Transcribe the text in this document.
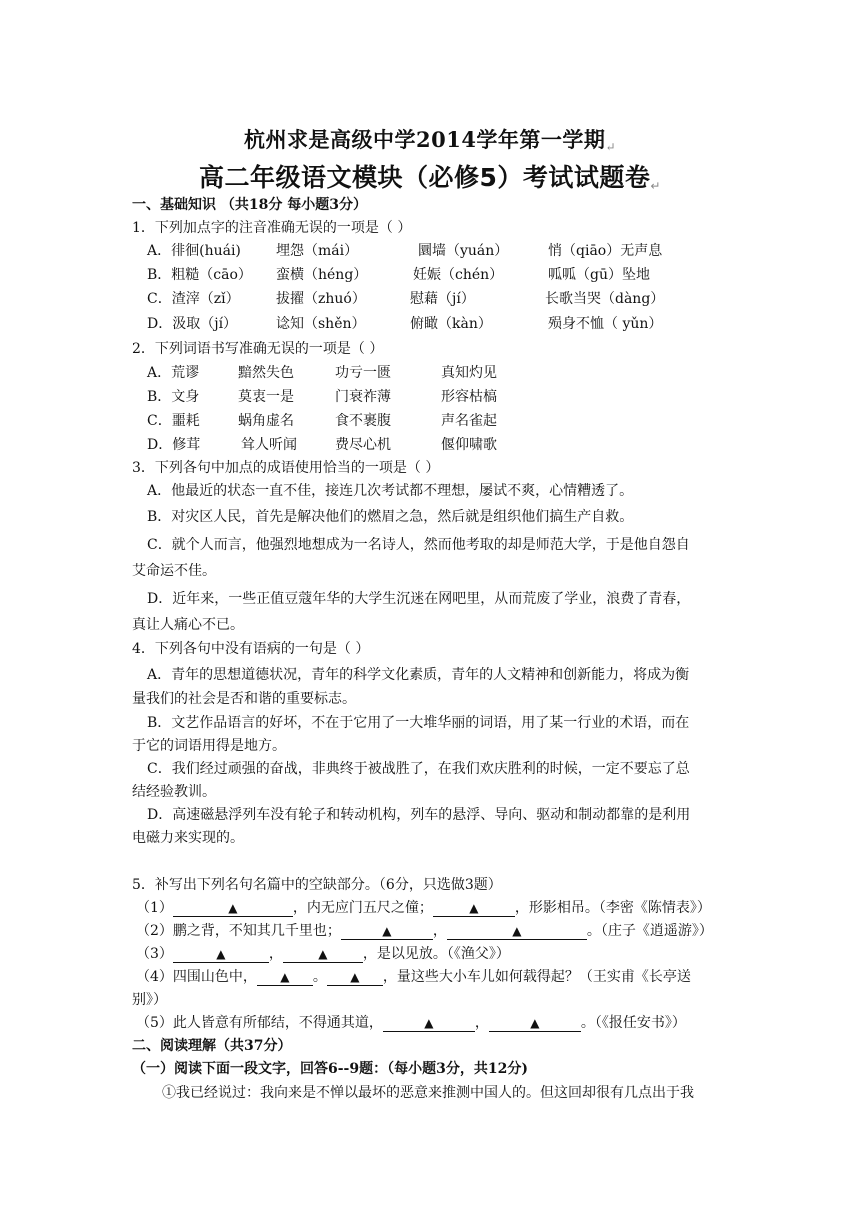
杭州求是高级中学2014学年第一学期↵
高二年级语文模块（必修5）考试试题卷↵
一、基础知识 （共18分 每小题3分）
1．下列加点字的注音准确无误的一项是（ ）
A．徘徊(huái)	埋怨（mái）	圜墙（yuán）	悄（qiāo）无声息
B．粗糙（cāo） 蛮横（héng）	妊娠（chén）	呱呱（gū）坠地
C．渣滓（zǐ）	拔擢（zhuó）	慰藉（jí）	长歌当哭（dàng）
D．汲取（jí）	谂知（shěn）	俯瞰（kàn）	殒身不恤（ yǔn）
2．下列词语书写准确无误的一项是（ ）
A．荒谬	黯然失色	功亏一匮	真知灼见
B．文身	莫衷一是	门衰祚薄	形容枯槁
C．噩耗	蜗角虚名	食不裹腹	声名雀起
D．修茸	耸人听闻	费尽心机	偃仰啸歌
3．下列各句中加点的成语使用恰当的一项是（ ）
A．他最近的状态一直不佳，接连几次考试都不理想，屡试不爽，心情糟透了。
B．对灾区人民，首先是解决他们的燃眉之急，然后就是组织他们搞生产自救。
C．就个人而言，他强烈地想成为一名诗人，然而他考取的却是师范大学，于是他自怨自
艾命运不佳。
D．近年来，一些正值豆蔻年华的大学生沉迷在网吧里，从而荒废了学业，浪费了青春，
真让人痛心不已。
4．下列各句中没有语病的一句是（ ）
A．青年的思想道德状况，青年的科学文化素质，青年的人文精神和创新能力，将成为衡
量我们的社会是否和谐的重要标志。
B．文艺作品语言的好坏，不在于它用了一大堆华丽的词语，用了某一行业的术语，而在
于它的词语用得是地方。
C．我们经过顽强的奋战，非典终于被战胜了，在我们欢庆胜利的时候，一定不要忘了总
结经验教训。
D．高速磁悬浮列车没有轮子和转动机构，列车的悬浮、导向、驱动和制动都靠的是利用
电磁力来实现的。
5．补写出下列名句名篇中的空缺部分。（6分，只选做3题）
（1）	▲	，内无应门五尺之僮；	▲	，形影相吊。（李密《陈情表》）
（2）鹏之背，不知其几千里也；	▲	，	▲	。（庄子《逍遥游》）
（3）	▲	，	▲	，是以见放。（《渔父》）
（4）四围山色中， ▲ 。 ▲ ，量这些大小车儿如何载得起？（王实甫《长亭送
别》）
（5）此人皆意有所郁结，不得通其道，	▲	，	▲	。（《报任安书》）
二、阅读理解（共37分）
（一）阅读下面一段文字，回答6--9题：（每小题3分，共12分)
①我已经说过：我向来是不惮以最坏的恶意来推测中国人的。但这回却很有几点出于我
